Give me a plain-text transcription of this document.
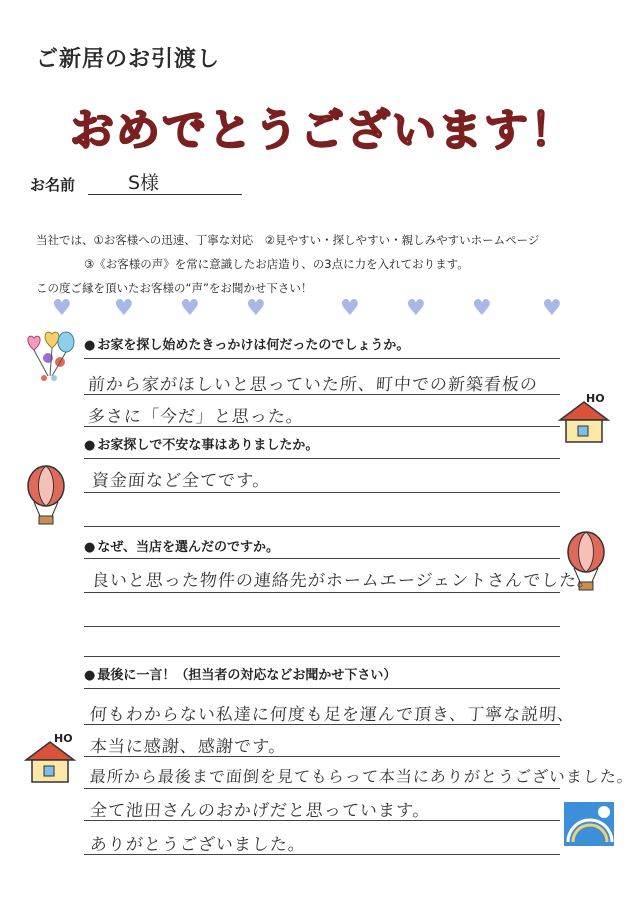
ご新居のお引渡し
おめでとうございます！
お名前	S様
当社では、①お客様への迅速、丁寧な対応　②見やすい・探しやすい・親しみやすいホームページ
③《お客様の声》を常に意識したお店造り、の3点に力を入れております。
この度ご縁を頂いたお客様の“声”をお聞かせ下さい！
♥ ♥ ♥ ♥	♥ ♥ ♥ ♥
HO
HO
● お家を探し始めたきっかけは何だったのでしょうか。
前から家がほしいと思っていた所、町中での新築看板の
多さに「今だ」と思った。
● お家探しで不安な事はありましたか。
資金面など全てです。
● なぜ、当店を選んだのですか。
良いと思った物件の連絡先がホームエージェントさんでした。
● 最後に一言！（担当者の対応などお聞かせ下さい）
何もわからない私達に何度も足を運んで頂き、丁寧な説明、
本当に感謝、感謝です。
最所から最後まで面倒を見てもらって本当にありがとうございました。
全て池田さんのおかげだと思っています。
ありがとうございました。
